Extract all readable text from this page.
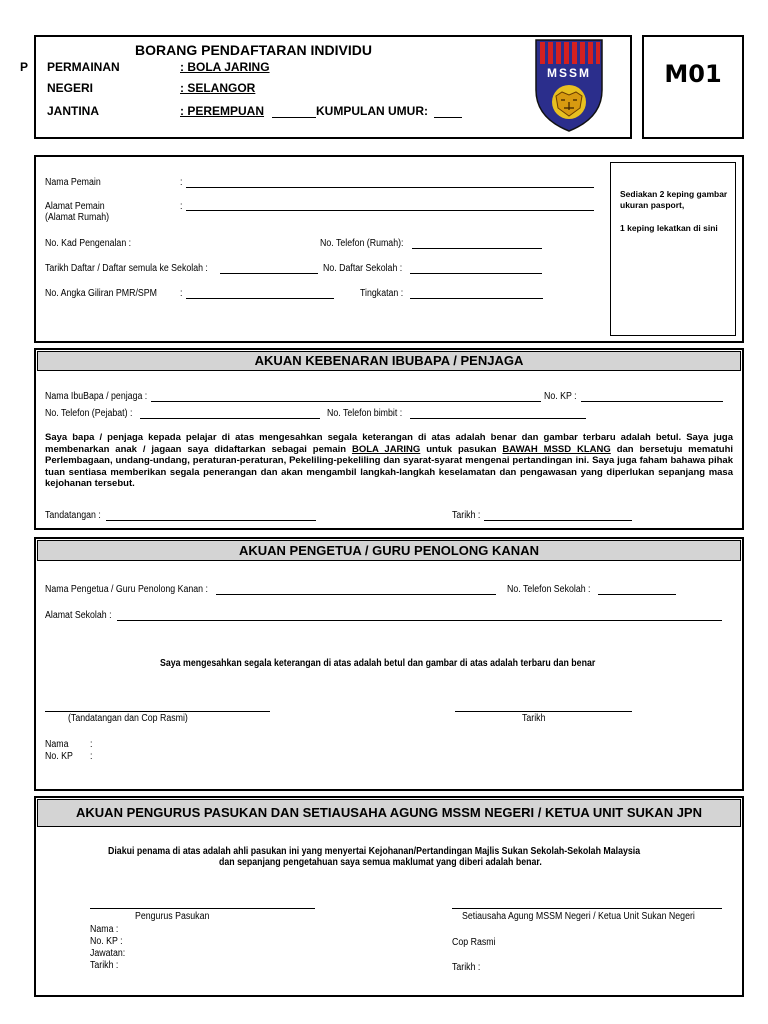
P
BORANG PENDAFTARAN INDIVIDU
PERMAINAN	: BOLA JARING
NEGERI	: SELANGOR
JANTINA	: PEREMPUAN	KUMPULAN UMUR:
MSSM	M01
Nama Pemain	:
Alamat Pemain
(Alamat Rumah)
:
No. Kad Pengenalan :	No. Telefon (Rumah):
Tarikh Daftar / Daftar semula ke Sekolah :	No. Daftar Sekolah :
No. Angka Giliran PMR/SPM :	Tingkatan :
Sediakan 2 keping gambar ukuran pasport,
1 keping lekatkan di sini
AKUAN KEBENARAN IBUBAPA / PENJAGA
Nama IbuBapa / penjaga :	No. KP :
No. Telefon (Pejabat) :	No. Telefon bimbit :
Saya bapa / penjaga kepada pelajar di atas mengesahkan segala keterangan di atas adalah benar dan gambar terbaru adalah betul. Saya juga membenarkan anak / jagaan saya didaftarkan sebagai pemain BOLA JARING untuk pasukan BAWAH MSSD KLANG dan bersetuju mematuhi Perlembagaan, undang-undang, peraturan-peraturan, Pekeliling-pekeliling dan syarat-syarat mengenai pertandingan ini. Saya juga faham bahawa pihak tuan sentiasa memberikan segala penerangan dan akan mengambil langkah-langkah keselamatan dan pengawasan yang diperlukan sepanjang masa kejohanan tersebut.
Tandatangan :	Tarikh :
AKUAN PENGETUA / GURU PENOLONG KANAN
Nama Pengetua / Guru Penolong Kanan :	No. Telefon Sekolah :
Alamat Sekolah :
Saya mengesahkan segala keterangan di atas adalah betul dan gambar di atas adalah terbaru dan benar
(Tandatangan dan Cop Rasmi)	Tarikh
Nama :
No. KP :
AKUAN PENGURUS PASUKAN DAN SETIAUSAHA AGUNG MSSM NEGERI / KETUA UNIT SUKAN JPN
Diakui penama di atas adalah ahli pasukan ini yang menyertai Kejohanan/Pertandingan Majlis Sukan Sekolah-Sekolah Malaysia
dan sepanjang pengetahuan saya semua maklumat yang diberi adalah benar.
Pengurus Pasukan	Setiausaha Agung MSSM Negeri / Ketua Unit Sukan Negeri
Nama :
No. KP :
Jawatan:
Tarikh :
Cop Rasmi
Tarikh :
